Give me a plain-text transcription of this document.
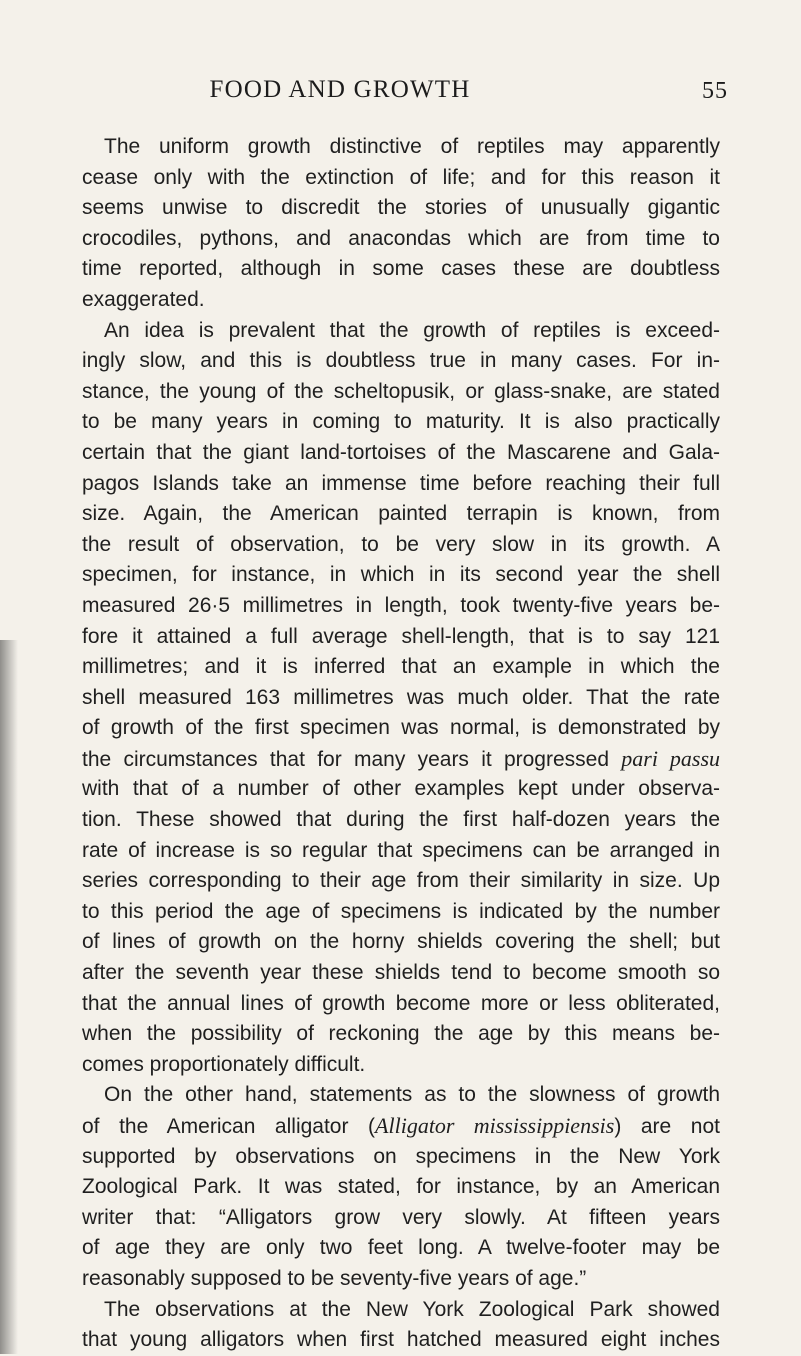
FOOD AND GROWTH	55
The uniform growth distinctive of reptiles may apparently
cease only with the extinction of life; and for this reason it
seems unwise to discredit the stories of unusually gigantic
crocodiles, pythons, and anacondas which are from time to
time reported, although in some cases these are doubtless
exaggerated.
An idea is prevalent that the growth of reptiles is exceed-
ingly slow, and this is doubtless true in many cases. For in-
stance, the young of the scheltopusik, or glass-snake, are stated
to be many years in coming to maturity. It is also practically
certain that the giant land-tortoises of the Mascarene and Gala-
pagos Islands take an immense time before reaching their full
size. Again, the American painted terrapin is known, from
the result of observation, to be very slow in its growth. A
specimen, for instance, in which in its second year the shell
measured 26·5 millimetres in length, took twenty-five years be-
fore it attained a full average shell-length, that is to say 121
millimetres; and it is inferred that an example in which the
shell measured 163 millimetres was much older. That the rate
of growth of the first specimen was normal, is demonstrated by
the circumstances that for many years it progressed pari passu
with that of a number of other examples kept under observa-
tion. These showed that during the first half-dozen years the
rate of increase is so regular that specimens can be arranged in
series corresponding to their age from their similarity in size. Up
to this period the age of specimens is indicated by the number
of lines of growth on the horny shields covering the shell; but
after the seventh year these shields tend to become smooth so
that the annual lines of growth become more or less obliterated,
when the possibility of reckoning the age by this means be-
comes proportionately difficult.
On the other hand, statements as to the slowness of growth
of the American alligator (Alligator mississippiensis) are not
supported by observations on specimens in the New York
Zoological Park. It was stated, for instance, by an American
writer that: “Alligators grow very slowly. At fifteen years
of age they are only two feet long. A twelve-footer may be
reasonably supposed to be seventy-five years of age.”
The observations at the New York Zoological Park showed
that young alligators when first hatched measured eight inches
